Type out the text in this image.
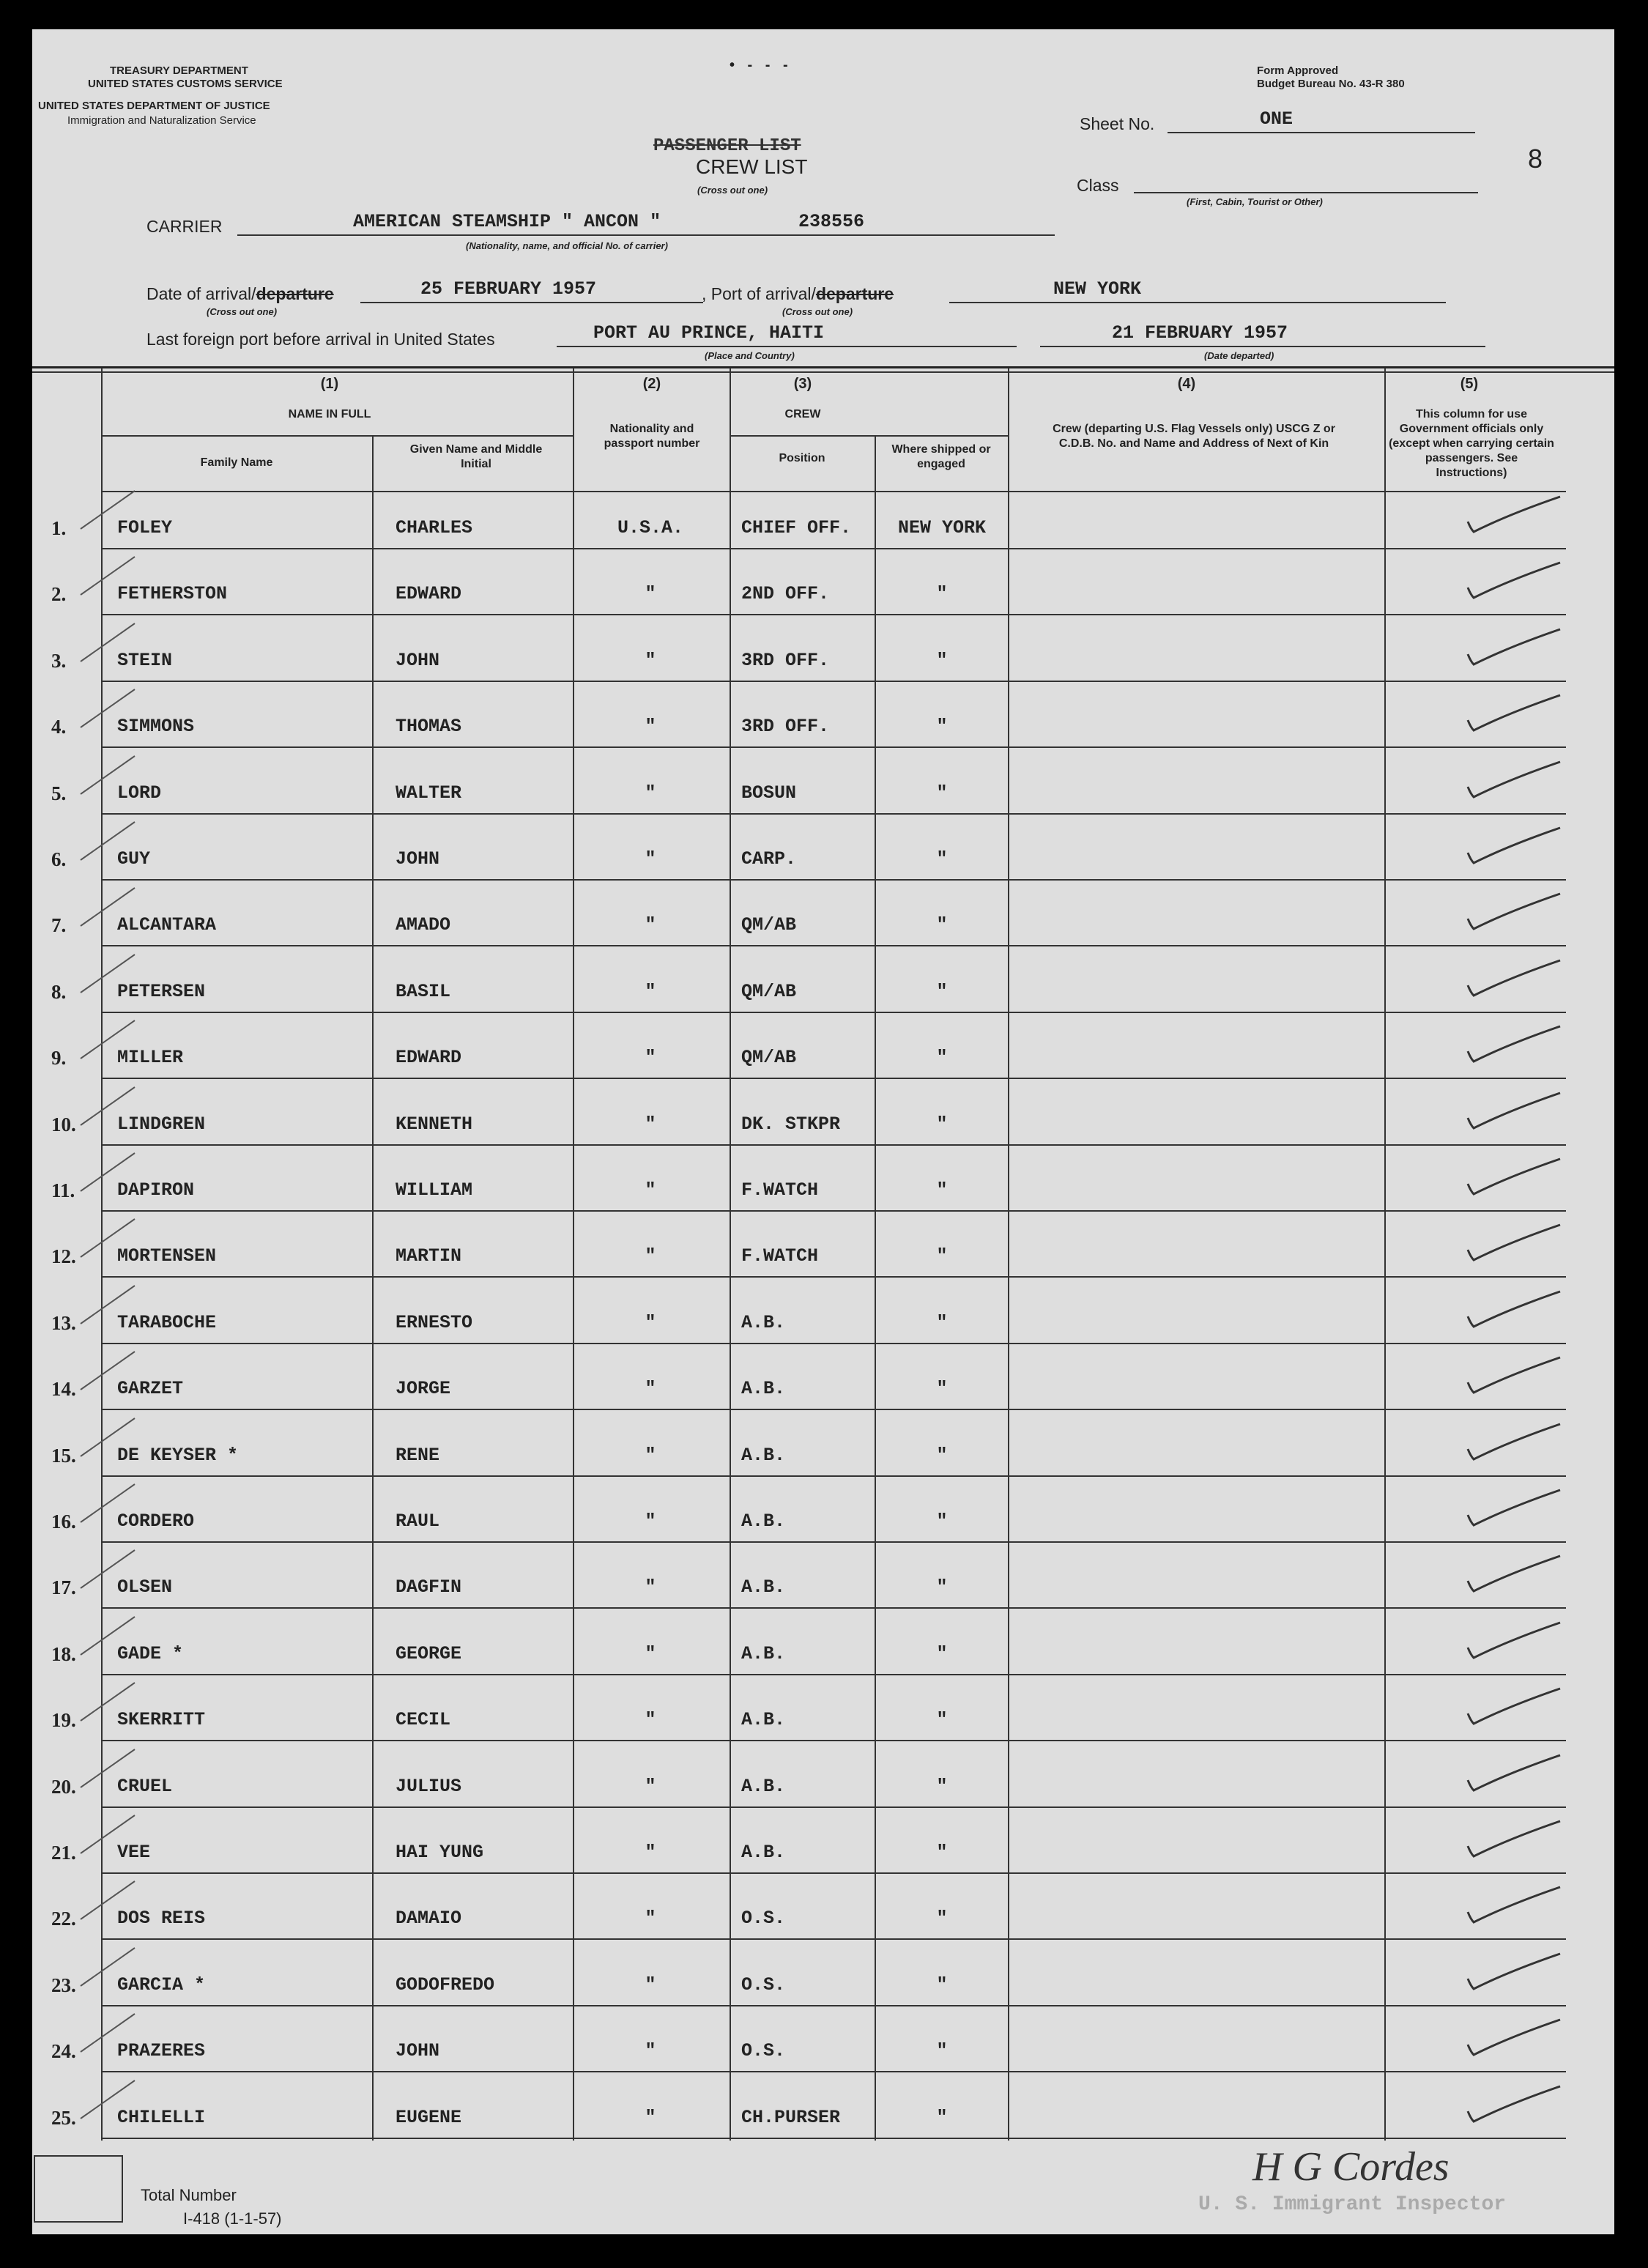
TREASURY DEPARTMENT
UNITED STATES CUSTOMS SERVICE
UNITED STATES DEPARTMENT OF JUSTICE
Immigration and Naturalization Service
• - - -	Form Approved
Budget Bureau No. 43-R 380
8
Sheet No.	ONE
Class
(First, Cabin, Tourist or Other)
PASSENGER LIST
CREW LIST
(Cross out one)
CARRIER	AMERICAN STEAMSHIP " ANCON "	238556
(Nationality, name, and official No. of carrier)
Date of arrival/departure	25 FEBRUARY 1957
(Cross out one)
, Port of arrival/departure	NEW YORK
(Cross out one)
Last foreign port before arrival in United States	PORT AU PRINCE, HAITI
(Place and Country)
21 FEBRUARY 1957
(Date departed)
(1)
NAME IN FULL
Family Name
Given Name and Middle Initial
(2)
Nationality and passport number
(3)
CREW
Position
Where shipped or engaged
(4)
Crew (departing U.S. Flag Vessels only) USCG Z or C.D.B. No. and Name and Address of Next of Kin
(5)
This column for use Government officials only (except when carrying certain passengers. See Instructions)
1.	FOLEY	CHARLES	U.S.A.	CHIEF OFF.	NEW YORK
2.	FETHERSTON	EDWARD	"	2ND OFF.	"
3.	STEIN	JOHN	"	3RD OFF.	"
4.	SIMMONS	THOMAS	"	3RD OFF.	"
5.	LORD	WALTER	"	BOSUN	"
6.	GUY	JOHN	"	CARP.	"
7.	ALCANTARA	AMADO	"	QM/AB	"
8.	PETERSEN	BASIL	"	QM/AB	"
9.	MILLER	EDWARD	"	QM/AB	"
10. LINDGREN	KENNETH	"	DK. STKPR	"
11. DAPIRON	WILLIAM	"	F.WATCH	"
12. MORTENSEN	MARTIN	"	F.WATCH	"
13. TARABOCHE	ERNESTO	"	A.B.	"
14. GARZET	JORGE	"	A.B.	"
15. DE KEYSER *	RENE	"	A.B.	"
16. CORDERO	RAUL	"	A.B.	"
17. OLSEN	DAGFIN	"	A.B.	"
18. GADE *	GEORGE	"	A.B.	"
19. SKERRITT	CECIL	"	A.B.	"
20. CRUEL	JULIUS	"	A.B.	"
21. VEE	HAI YUNG	"	A.B.	"
22. DOS REIS	DAMAIO	"	O.S.	"
23. GARCIA *	GODOFREDO	"	O.S.	"
24. PRAZERES	JOHN	"	O.S.	"
25. CHILELLI	EUGENE	"	CH.PURSER	"
Total Number
I-418 (1-1-57)
H G Cordes
U. S. Immigrant Inspector
